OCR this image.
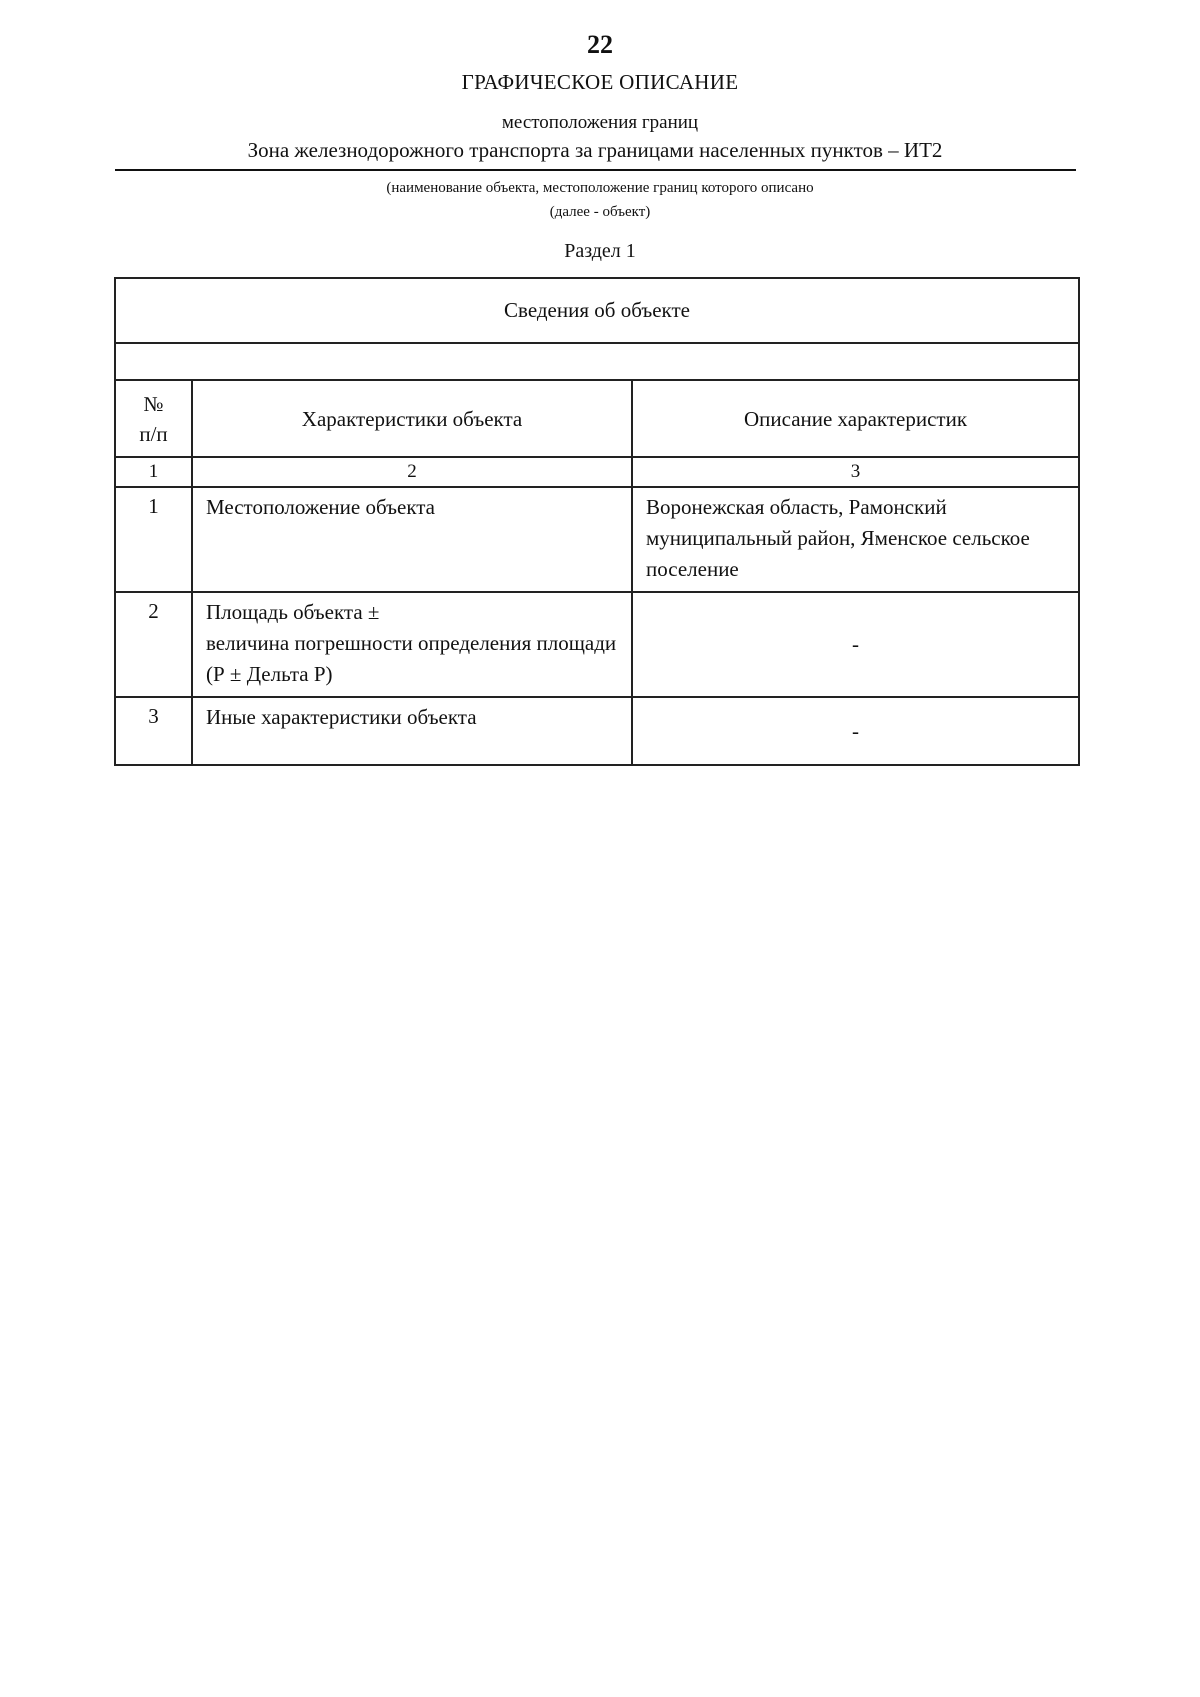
22
ГРАФИЧЕСКОЕ ОПИСАНИЕ
местоположения границ
Зона железнодорожного транспорта за границами населенных пунктов – ИТ2
(наименование объекта, местоположение границ которого описано
(далее - объект)
Раздел 1
Сведения об объекте		

№
п/п	Характеристики объекта	Описание характеристик
1	2	3
1	Местоположение объекта	Воронежская область, Рамонский муниципальный район, Яменское сельское поселение
2	Площадь объекта ±
величина погрешности определения площади (Р ± Дельта Р)	-
3	Иные характеристики объекта	-
